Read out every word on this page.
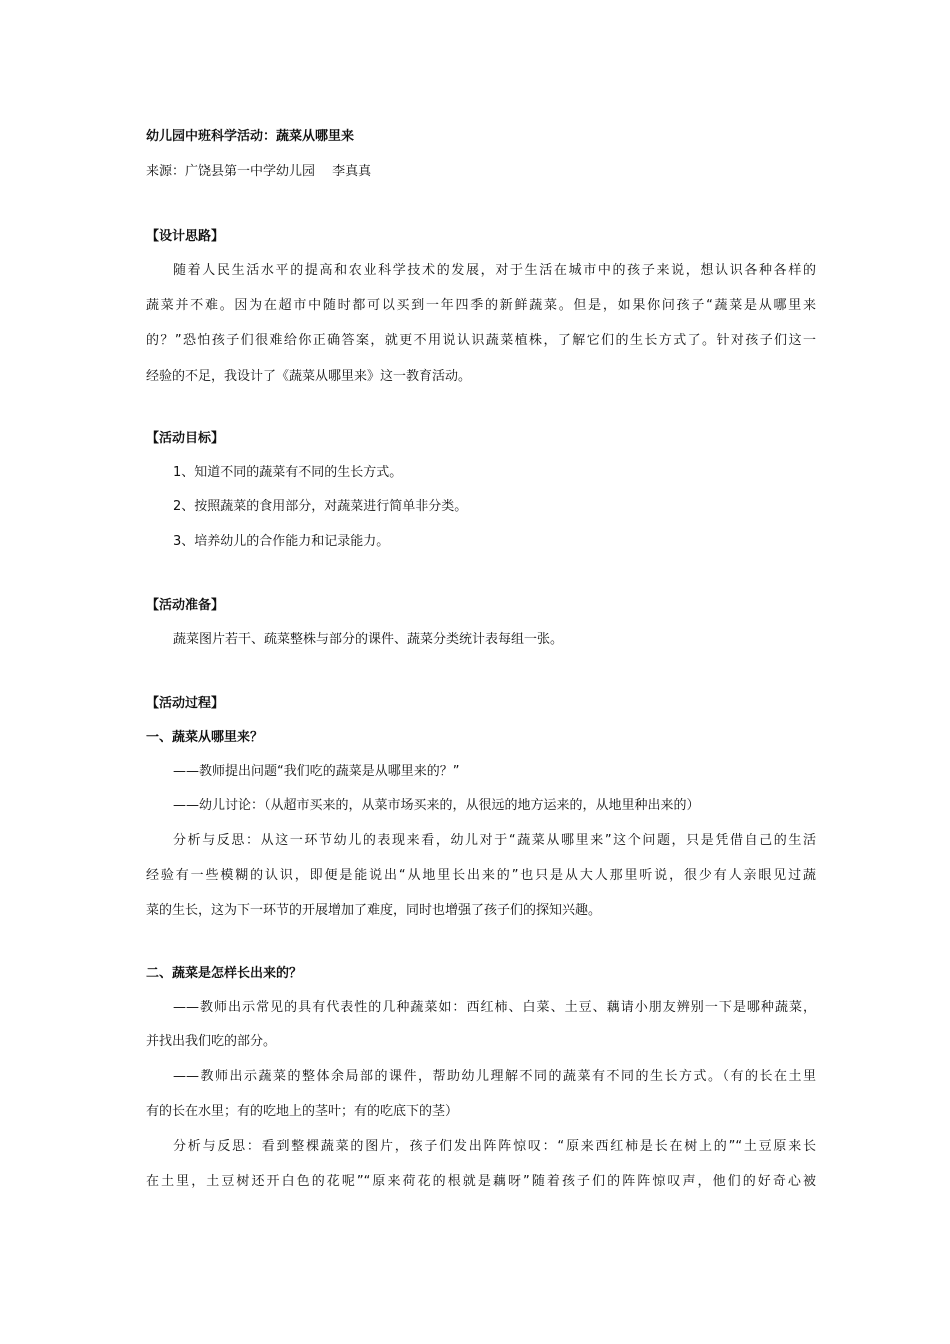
幼儿园中班科学活动：蔬菜从哪里来
来源：广饶县第一中学幼儿园　 李真真
【设计思路】
随着人民生活水平的提高和农业科学技术的发展，对于生活在城市中的孩子来说，想认识各种各样的
蔬菜并不难。因为在超市中随时都可以买到一年四季的新鲜蔬菜。但是，如果你问孩子“蔬菜是从哪里来
的？”恐怕孩子们很难给你正确答案，就更不用说认识蔬菜植株，了解它们的生长方式了。针对孩子们这一
经验的不足，我设计了《蔬菜从哪里来》这一教育活动。
【活动目标】
1、知道不同的蔬菜有不同的生长方式。
2、按照蔬菜的食用部分，对蔬菜进行简单非分类。
3、培养幼儿的合作能力和记录能力。
【活动准备】
蔬菜图片若干、疏菜整株与部分的课件、蔬菜分类统计表每组一张。
【活动过程】
一、蔬菜从哪里来？
——教师提出问题“我们吃的蔬菜是从哪里来的？”
——幼儿讨论：（从超市买来的，从菜市场买来的，从很远的地方运来的，从地里种出来的）
分析与反思：从这一环节幼儿的表现来看，幼儿对于“蔬菜从哪里来”这个问题，只是凭借自己的生活
经验有一些模糊的认识，即便是能说出“从地里长出来的”也只是从大人那里听说，很少有人亲眼见过蔬
菜的生长，这为下一环节的开展增加了难度，同时也增强了孩子们的探知兴趣。
二、蔬菜是怎样长出来的？
——教师出示常见的具有代表性的几种蔬菜如：西红柿、白菜、土豆、藕请小朋友辨别一下是哪种蔬菜，
并找出我们吃的部分。
——教师出示蔬菜的整体余局部的课件，帮助幼儿理解不同的蔬菜有不同的生长方式。（有的长在土里
有的长在水里；有的吃地上的茎叶；有的吃底下的茎）
分析与反思：看到整棵蔬菜的图片，孩子们发出阵阵惊叹：“原来西红柿是长在树上的”“土豆原来长
在土里，土豆树还开白色的花呢”“原来荷花的根就是藕呀”随着孩子们的阵阵惊叹声，他们的好奇心被
